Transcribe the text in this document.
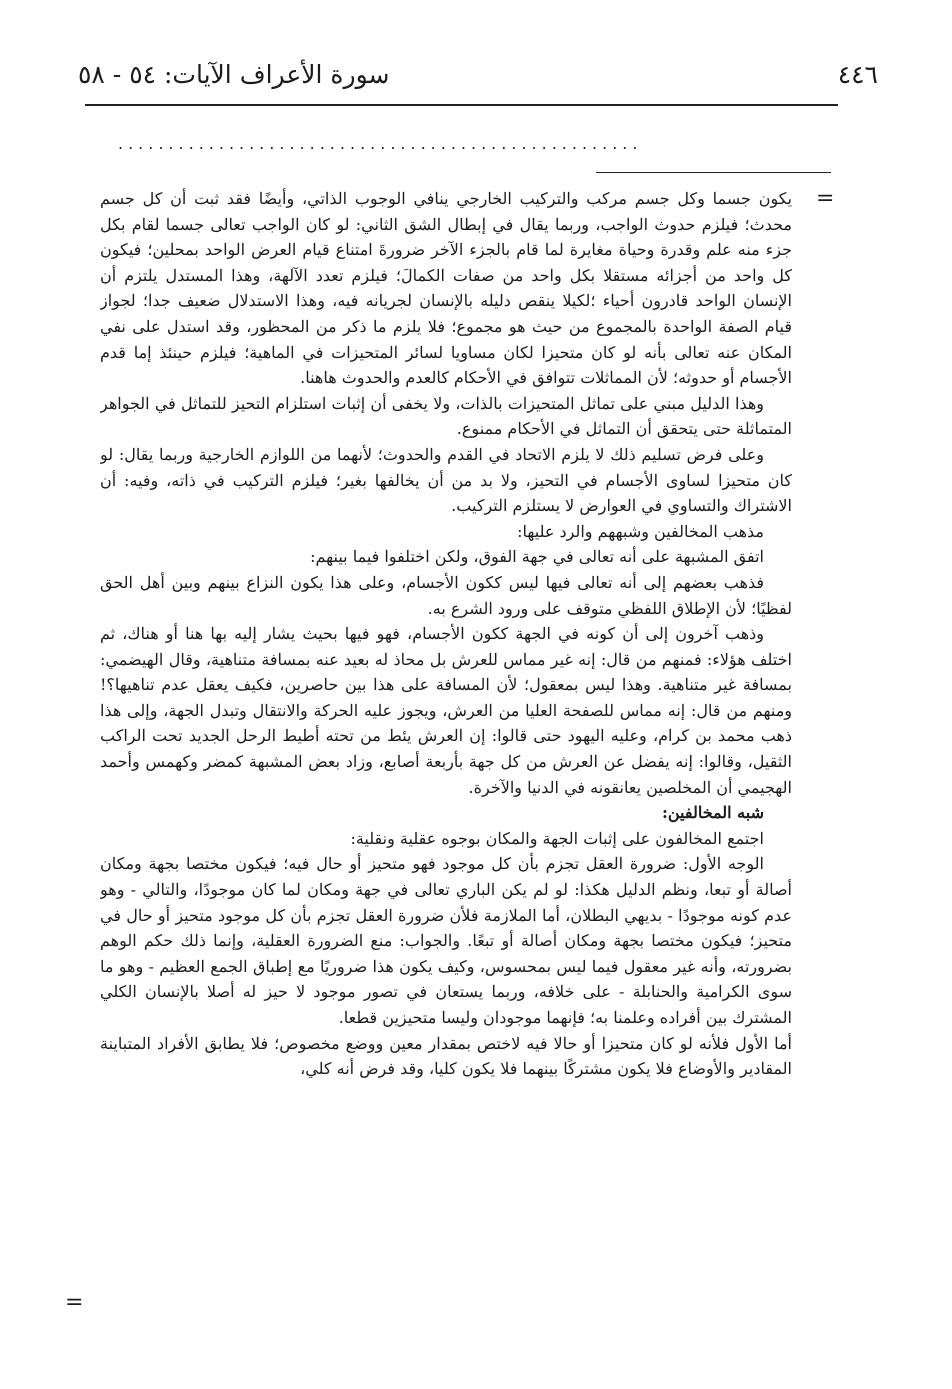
٤٤٦
سورة الأعراف الآيات: ٥٤ - ٥٨
....................................................
=

يكون جسما وكل جسم مركب والتركيب الخارجي ينافي الوجوب الذاتي، وأيضًا فقد ثبت أن كل جسم محدث؛ فيلزم حدوث الواجب، وربما يقال في إبطال الشق الثاني: لو كان الواجب تعالى جسما لقام بكل جزء منه علم وقدرة وحياة مغايرة لما قام بالجزء الآخر ضرورةَ امتناع قيام العرض الواحد بمحلين؛ فيكون كل واحد من أجزائه مستقلا بكل واحد من صفات الكمالَ؛ فيلزم تعدد الآلهة، وهذا المستدل يلتزم أن الإنسان الواحد قادرون أحياء ؛لكيلا ينقص دليله بالإنسان لجريانه فيه، وهذا الاستدلال ضعيف جدا؛ لجواز قيام الصفة الواحدة بالمجموع من حيث هو مجموع؛ فلا يلزم ما ذكر من المحظور، وقد استدل على نفي المكان عنه تعالى بأنه لو كان متحيزا لكان مساويا لسائر المتحيزات في الماهية؛ فيلزم حينئذ إما قدم الأجسام أو حدوثه؛ لأن المماثلات تتوافق في الأحكام كالعدم والحدوث هاهنا.

وهذا الدليل مبني على تماثل المتحيزات بالذات، ولا يخفى أن إثبات استلزام التحيز للتماثل في الجواهر المتماثلة حتى يتحقق أن التماثل في الأحكام ممنوع.

وعلى فرض تسليم ذلك لا يلزم الاتحاد في القدم والحدوث؛ لأنهما من اللوازم الخارجية وربما يقال: لو كان متحيزا لساوى الأجسام في التحيز، ولا بد من أن يخالفها بغير؛ فيلزم التركيب في ذاته، وفيه: أن الاشتراك والتساوي في العوارض لا يستلزم التركيب.

مذهب المخالفين وشبههم والرد عليها:

اتفق المشبهة على أنه تعالى في جهة الفوق، ولكن اختلفوا فيما بينهم:

فذهب بعضهم إلى أنه تعالى فيها ليس ككون الأجسام، وعلى هذا يكون النزاع بينهم وبين أهل الحق لفظيًا؛ لأن الإطلاق اللفظي متوقف على ورود الشرع به.

وذهب آخرون إلى أن كونه في الجهة ككون الأجسام، فهو فيها بحيث يشار إليه بها هنا أو هناك، ثم اختلف هؤلاء: فمنهم من قال: إنه غير مماس للعرش بل محاذ له بعيد عنه بمسافة متناهية، وقال الهيضمي: بمسافة غير متناهية. وهذا ليس بمعقول؛ لأن المسافة على هذا بين حاصرين، فكيف يعقل عدم تناهيها؟! ومنهم من قال: إنه مماس للصفحة العليا من العرش، ويجوز عليه الحركة والانتقال وتبدل الجهة، وإلى هذا ذهب محمد بن كرام، وعليه اليهود حتى قالوا: إن العرش يئط من تحته أطيط الرحل الجديد تحت الراكب الثقيل، وقالوا: إنه يفضل عن العرش من كل جهة بأربعة أصابع، وزاد بعض المشبهة كمضر وكهمس وأحمد الهجيمي أن المخلصين يعانقونه في الدنيا والآخرة.

شبه المخالفين:

اجتمع المخالفون على إثبات الجهة والمكان بوجوه عقلية ونقلية:

الوجه الأول: ضرورة العقل تجزم بأن كل موجود فهو متحيز أو حال فيه؛ فيكون مختصا بجهة ومكان أصالة أو تبعا، ونظم الدليل هكذا: لو لم يكن الباري تعالى في جهة ومكان لما كان موجودًا، والتالي - وهو عدم كونه موجودًا - بديهي البطلان، أما الملازمة فلأن ضرورة العقل تجزم بأن كل موجود متحيز أو حال في متحيز؛ فيكون مختصا بجهة ومكان أصالة أو تبعًا. والجواب: منع الضرورة العقلية، وإنما ذلك حكم الوهم بضرورته، وأنه غير معقول فيما ليس بمحسوس، وكيف يكون هذا ضروريًا مع إطباق الجمع العظيم - وهو ما سوى الكرامية والحنابلة - على خلافه، وربما يستعان في تصور موجود لا حيز له أصلا بالإنسان الكلي المشترك بين أفراده وعلمنا به؛ فإنهما موجودان وليسا متحيزين قطعا.

أما الأول فلأنه لو كان متحيزا أو حالا فيه لاختص بمقدار معين ووضع مخصوص؛ فلا يطابق الأفراد المتباينة المقادير والأوضاع فلا يكون مشتركًا بينهما فلا يكون كليا، وقد فرض أنه كلي،

=
